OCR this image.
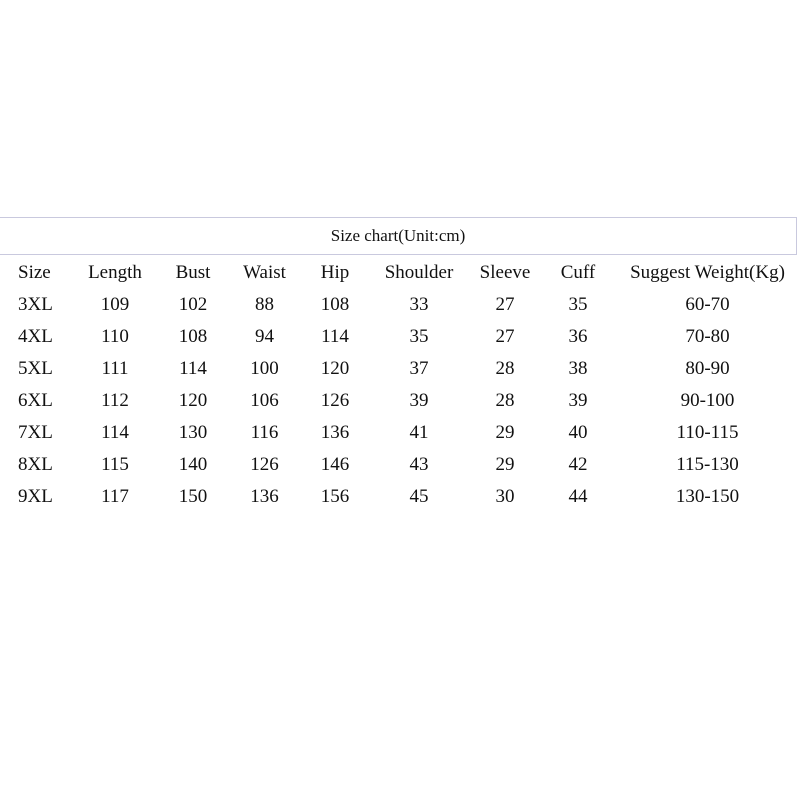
Size chart(Unit:cm)
Size	Length	Bust	Waist	Hip	Shoulder	Sleeve	Cuff	Suggest Weight(Kg)
3XL	109	102	88	108	33	27	35	60-70
4XL	110	108	94	114	35	27	36	70-80
5XL	111	114	100	120	37	28	38	80-90
6XL	112	120	106	126	39	28	39	90-100
7XL	114	130	116	136	41	29	40	110-115
8XL	115	140	126	146	43	29	42	115-130
9XL	117	150	136	156	45	30	44	130-150
